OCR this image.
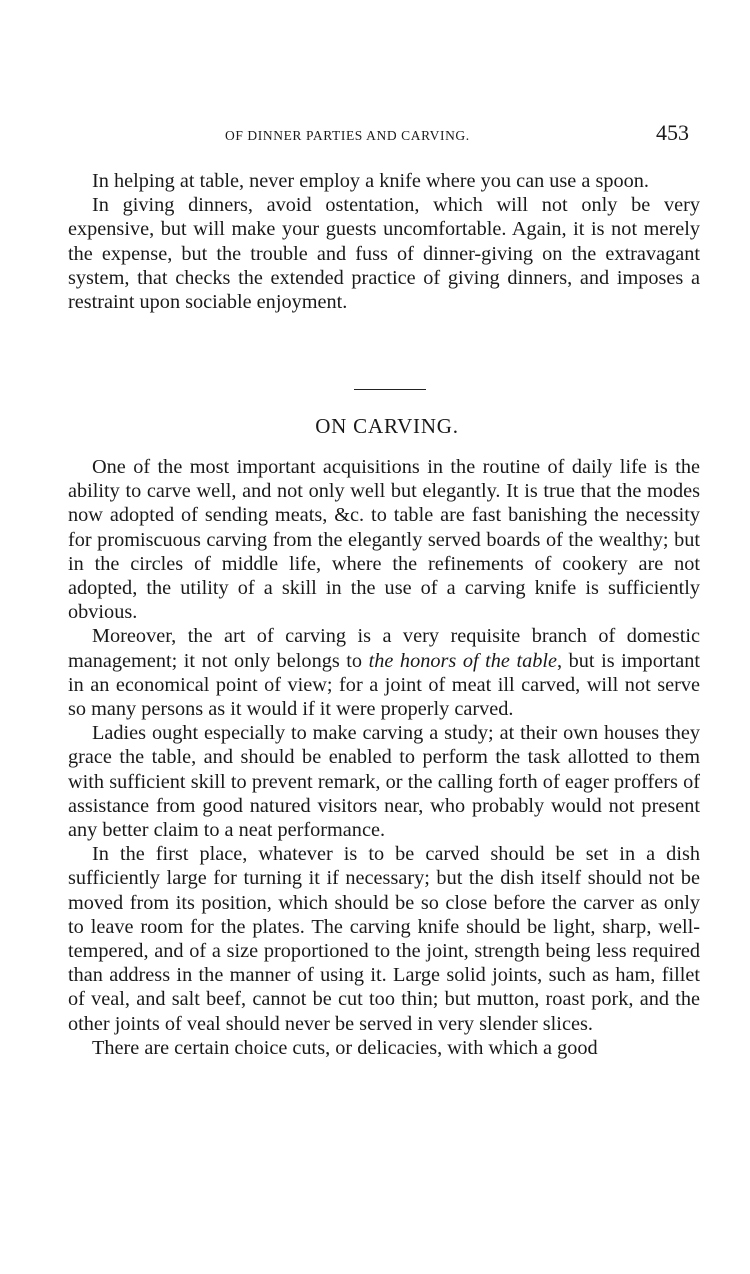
OF DINNER PARTIES AND CARVING.	453

In helping at table, never employ a knife where you can use a spoon.

In giving dinners, avoid ostentation, which will not only be very expensive, but will make your guests uncomfortable. Again, it is not merely the expense, but the trouble and fuss of dinner-giving on the extravagant system, that checks the extended practice of giving dinners, and imposes a restraint upon sociable enjoyment.

ON CARVING.

One of the most important acquisitions in the routine of daily life is the ability to carve well, and not only well but elegantly. It is true that the modes now adopted of sending meats, &c. to table are fast banishing the necessity for promiscuous carving from the elegantly served boards of the wealthy; but in the circles of middle life, where the refinements of cookery are not adopted, the utility of a skill in the use of a carving knife is sufficiently obvious.

Moreover, the art of carving is a very requisite branch of domestic management; it not only belongs to the honors of the table, but is important in an economical point of view; for a joint of meat ill carved, will not serve so many persons as it would if it were properly carved.

Ladies ought especially to make carving a study; at their own houses they grace the table, and should be enabled to perform the task allotted to them with sufficient skill to prevent remark, or the calling forth of eager proffers of assistance from good natured visitors near, who probably would not present any better claim to a neat performance.

In the first place, whatever is to be carved should be set in a dish sufficiently large for turning it if necessary; but the dish itself should not be moved from its position, which should be so close before the carver as only to leave room for the plates. The carving knife should be light, sharp, well-tempered, and of a size proportioned to the joint, strength being less required than address in the manner of using it. Large solid joints, such as ham, fillet of veal, and salt beef, cannot be cut too thin; but mutton, roast pork, and the other joints of veal should never be served in very slender slices.

There are certain choice cuts, or delicacies, with which a good
